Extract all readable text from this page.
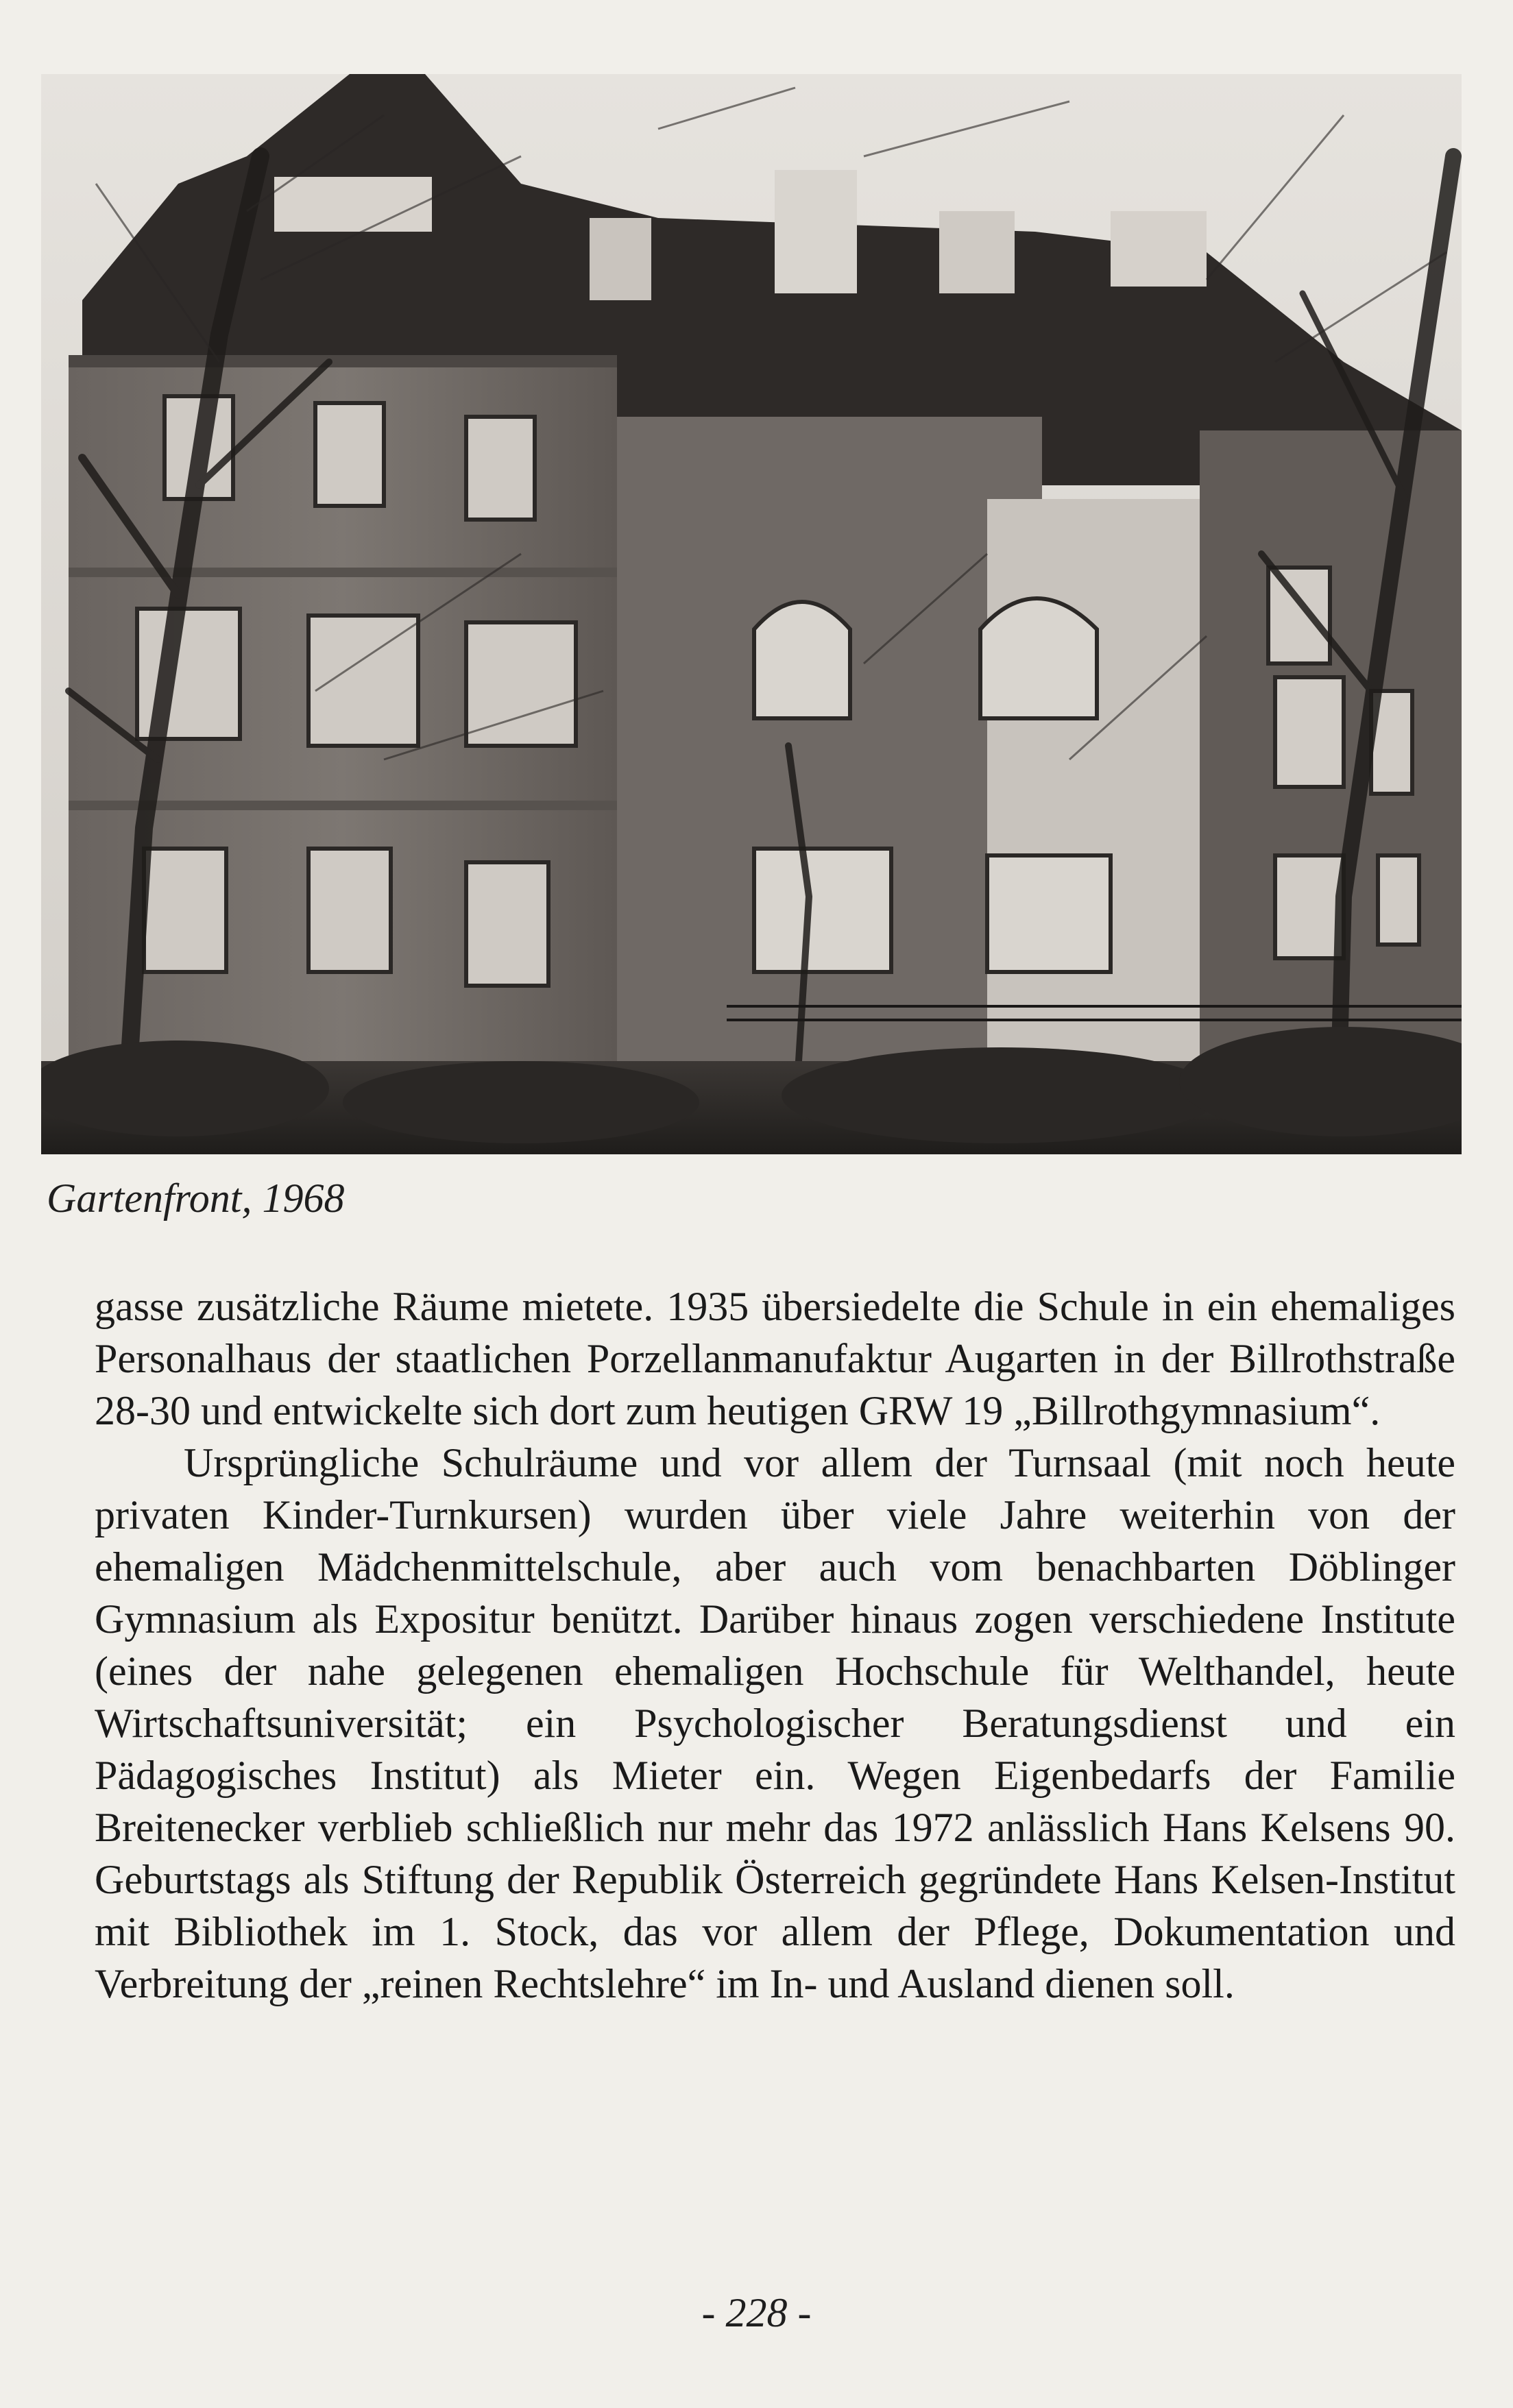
Gartenfront, 1968

gasse zusätzliche Räume mietete. 1935 übersiedelte die Schule in ein ehemaliges Personalhaus der staatlichen Porzellanmanufaktur Augarten in der Billrothstraße 28-30 und entwickelte sich dort zum heutigen GRW 19 „Billrothgymnasium“.

Ursprüngliche Schulräume und vor allem der Turnsaal (mit noch heute privaten Kinder-Turnkursen) wurden über viele Jahre weiterhin von der ehemaligen Mädchenmittelschule, aber auch vom benachbarten Döblinger Gymnasium als Expositur benützt. Darüber hinaus zogen verschiedene Institute (eines der nahe gelegenen ehemaligen Hochschule für Welthandel, heute Wirtschaftsuniversität; ein Psychologischer Beratungsdienst und ein Pädagogisches Institut) als Mieter ein. Wegen Eigenbedarfs der Familie Breitenecker verblieb schließlich nur mehr das 1972 anlässlich Hans Kelsens 90. Geburtstags als Stiftung der Republik Österreich gegründete Hans Kelsen-Institut mit Bibliothek im 1. Stock, das vor allem der Pflege, Dokumentation und Verbreitung der „reinen Rechtslehre“ im In- und Ausland dienen soll.

- 228 -
